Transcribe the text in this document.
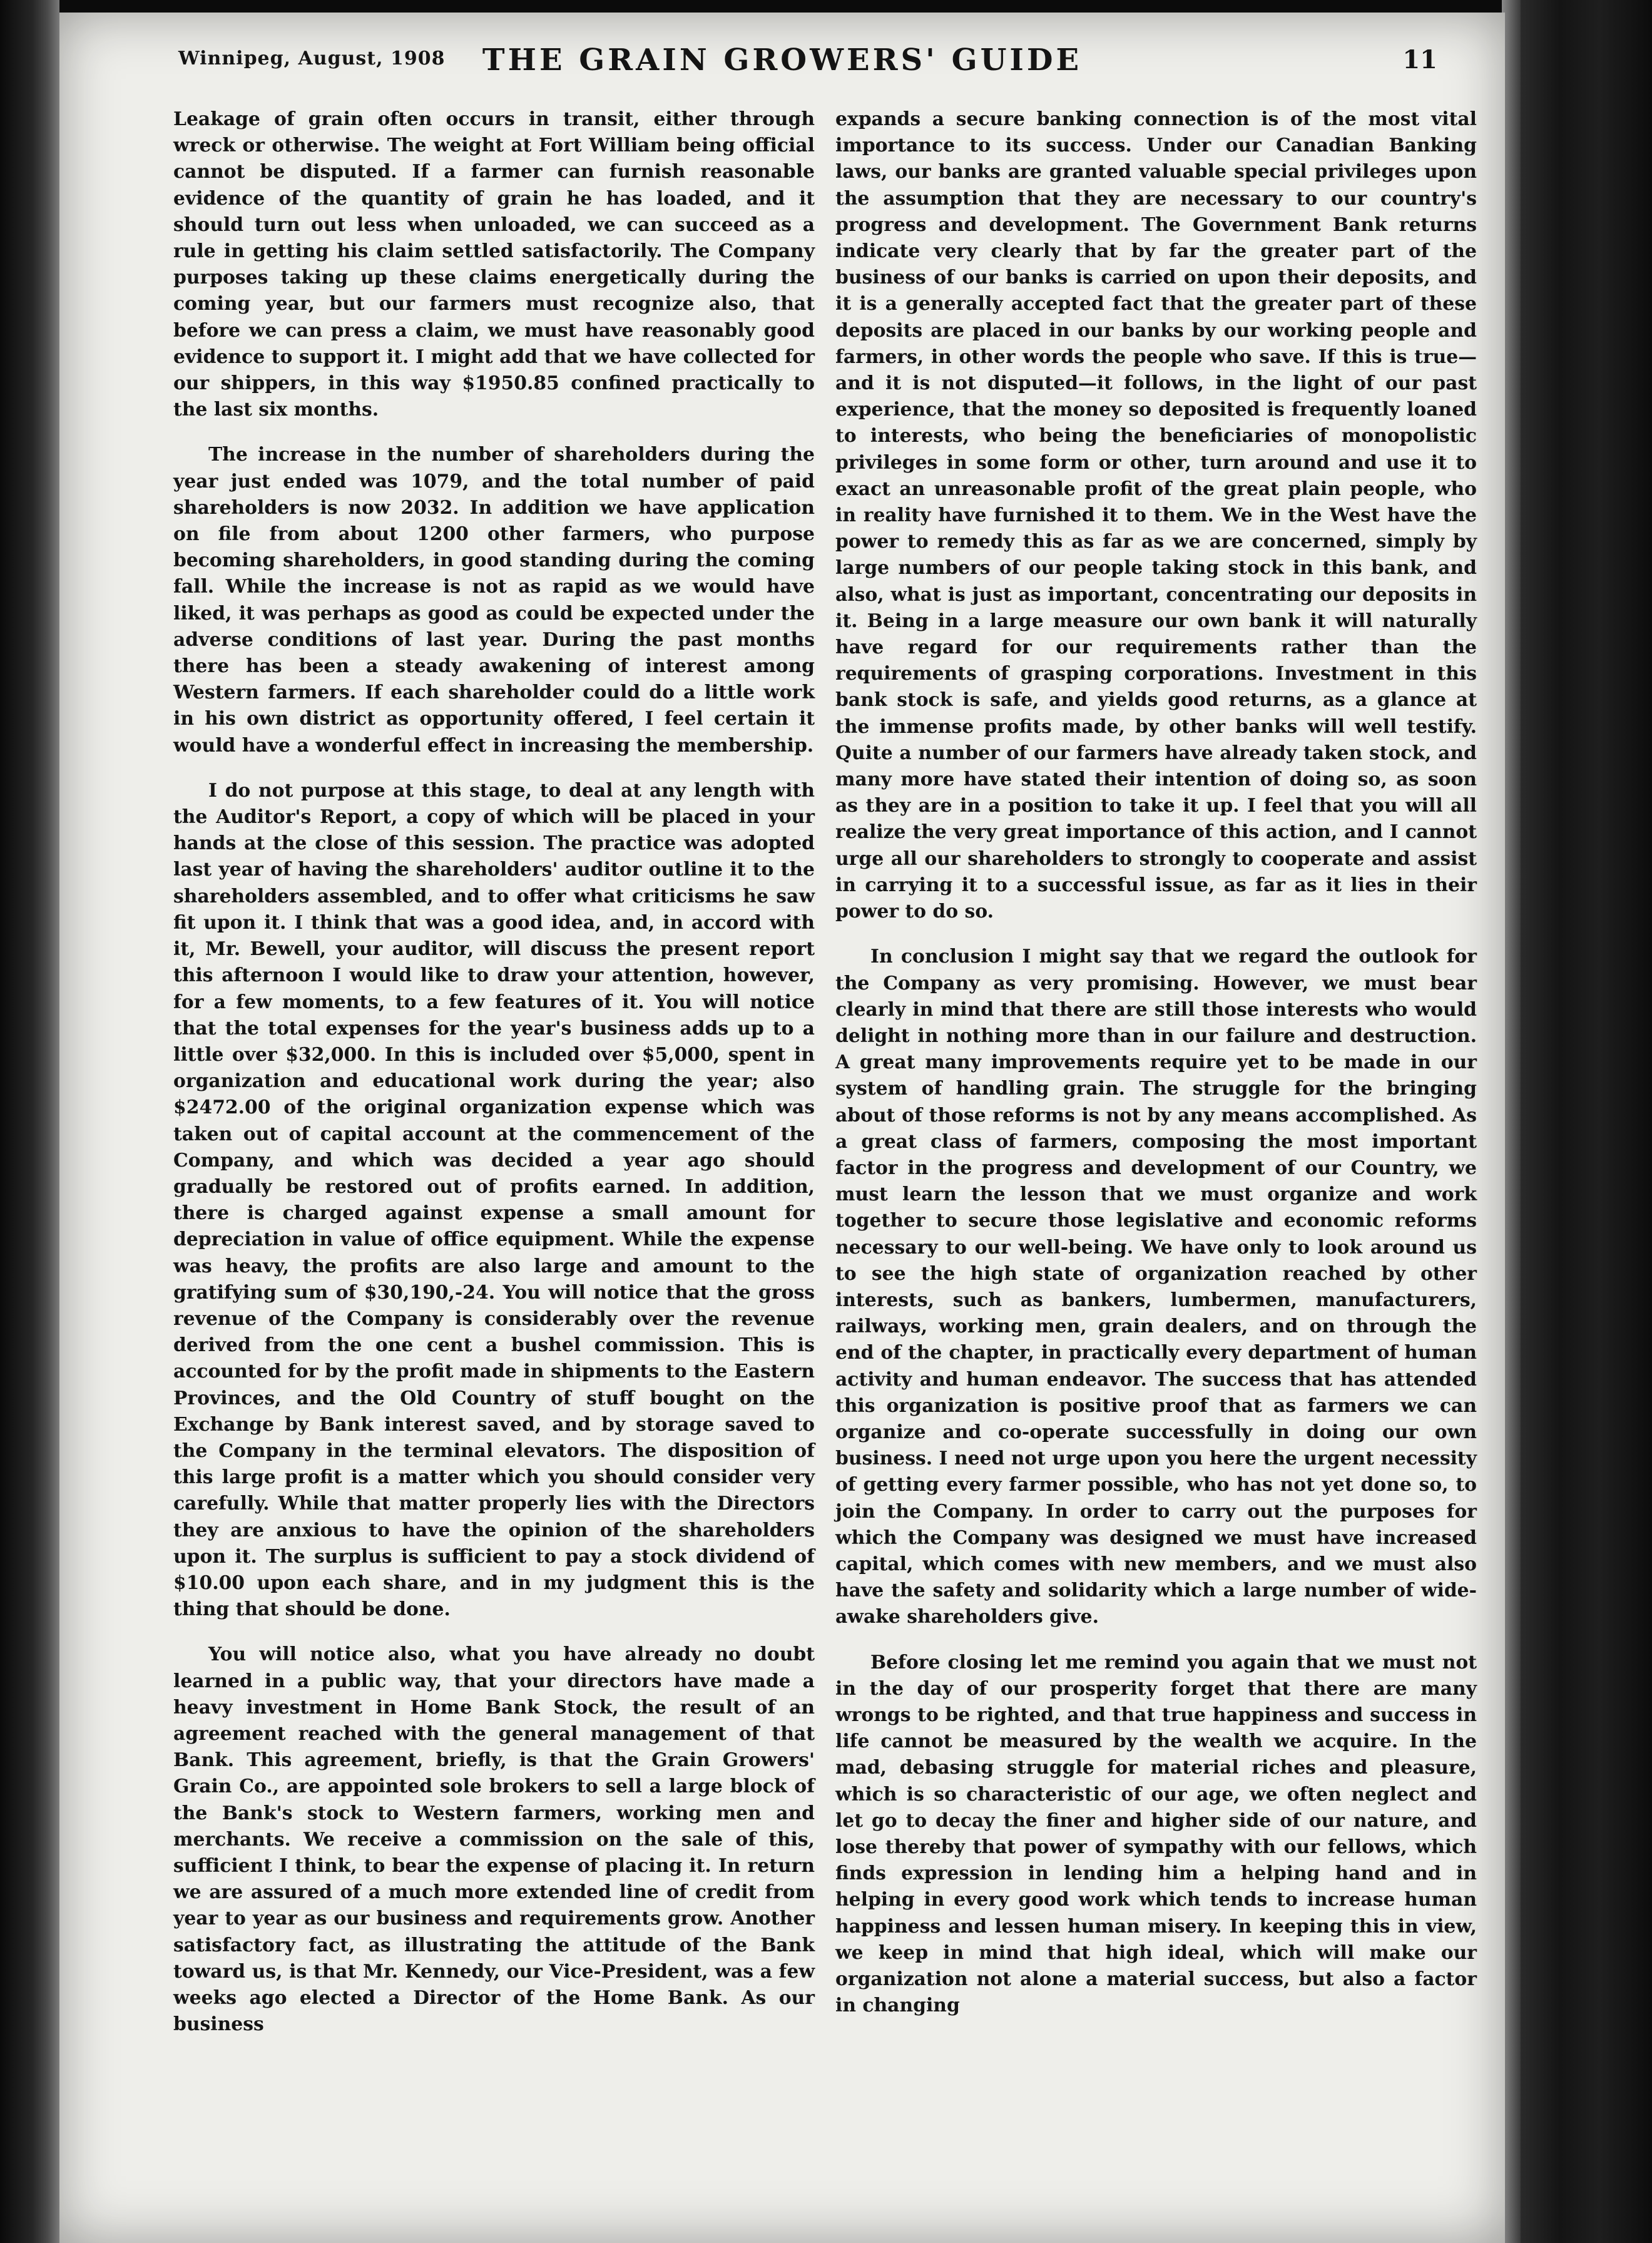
Winnipeg, August, 1908	THE GRAIN GROWERS' GUIDE	11

Leakage of grain often occurs in transit, either through wreck or otherwise. The weight at Fort William being official cannot be disputed. If a farmer can furnish reasonable evidence of the quantity of grain he has loaded, and it should turn out less when unloaded, we can succeed as a rule in getting his claim settled satisfactorily. The Company purposes taking up these claims energetically during the coming year, but our farmers must recognize also, that before we can press a claim, we must have reasonably good evidence to support it. I might add that we have collected for our shippers, in this way $1950.85 confined practically to the last six months.

The increase in the number of shareholders during the year just ended was 1079, and the total number of paid shareholders is now 2032. In addition we have application on file from about 1200 other farmers, who purpose becoming shareholders, in good standing during the coming fall. While the increase is not as rapid as we would have liked, it was perhaps as good as could be expected under the adverse conditions of last year. During the past months there has been a steady awakening of interest among Western farmers. If each shareholder could do a little work in his own district as opportunity offered, I feel certain it would have a wonderful effect in increasing the membership.

I do not purpose at this stage, to deal at any length with the Auditor's Report, a copy of which will be placed in your hands at the close of this session. The practice was adopted last year of having the shareholders' auditor outline it to the shareholders assembled, and to offer what criticisms he saw fit upon it. I think that was a good idea, and, in accord with it, Mr. Bewell, your auditor, will discuss the present report this afternoon I would like to draw your attention, however, for a few moments, to a few features of it. You will notice that the total expenses for the year's business adds up to a little over $32,000. In this is included over $5,000, spent in organization and educational work during the year; also $2472.00 of the original organization expense which was taken out of capital account at the commencement of the Company, and which was decided a year ago should gradually be restored out of profits earned. In addition, there is charged against expense a small amount for depreciation in value of office equipment. While the expense was heavy, the profits are also large and amount to the gratifying sum of $30,190,-24. You will notice that the gross revenue of the Company is considerably over the revenue derived from the one cent a bushel commission. This is accounted for by the profit made in shipments to the Eastern Provinces, and the Old Country of stuff bought on the Exchange by Bank interest saved, and by storage saved to the Company in the terminal elevators. The disposition of this large profit is a matter which you should consider very carefully. While that matter properly lies with the Directors they are anxious to have the opinion of the shareholders upon it. The surplus is sufficient to pay a stock dividend of $10.00 upon each share, and in my judgment this is the thing that should be done.

You will notice also, what you have already no doubt learned in a public way, that your directors have made a heavy investment in Home Bank Stock, the result of an agreement reached with the general management of that Bank. This agreement, briefly, is that the Grain Growers' Grain Co., are appointed sole brokers to sell a large block of the Bank's stock to Western farmers, working men and merchants. We receive a commission on the sale of this, sufficient I think, to bear the expense of placing it. In return we are assured of a much more extended line of credit from year to year as our business and requirements grow. Another satisfactory fact, as illustrating the attitude of the Bank toward us, is that Mr. Kennedy, our Vice-President, was a few weeks ago elected a Director of the Home Bank. As our business

expands a secure banking connection is of the most vital importance to its success. Under our Canadian Banking laws, our banks are granted valuable special privileges upon the assumption that they are necessary to our country's progress and development. The Government Bank returns indicate very clearly that by far the greater part of the business of our banks is carried on upon their deposits, and it is a generally accepted fact that the greater part of these deposits are placed in our banks by our working people and farmers, in other words the people who save. If this is true—and it is not disputed—it follows, in the light of our past experience, that the money so deposited is frequently loaned to interests, who being the beneficiaries of monopolistic privileges in some form or other, turn around and use it to exact an unreasonable profit of the great plain people, who in reality have furnished it to them. We in the West have the power to remedy this as far as we are concerned, simply by large numbers of our people taking stock in this bank, and also, what is just as important, concentrating our deposits in it. Being in a large measure our own bank it will naturally have regard for our requirements rather than the requirements of grasping corporations. Investment in this bank stock is safe, and yields good returns, as a glance at the immense profits made, by other banks will well testify. Quite a number of our farmers have already taken stock, and many more have stated their intention of doing so, as soon as they are in a position to take it up. I feel that you will all realize the very great importance of this action, and I cannot urge all our shareholders to strongly to cooperate and assist in carrying it to a successful issue, as far as it lies in their power to do so.

In conclusion I might say that we regard the outlook for the Company as very promising. However, we must bear clearly in mind that there are still those interests who would delight in nothing more than in our failure and destruction. A great many improvements require yet to be made in our system of handling grain. The struggle for the bringing about of those reforms is not by any means accomplished. As a great class of farmers, composing the most important factor in the progress and development of our Country, we must learn the lesson that we must organize and work together to secure those legislative and economic reforms necessary to our well-being. We have only to look around us to see the high state of organization reached by other interests, such as bankers, lumbermen, manufacturers, railways, working men, grain dealers, and on through the end of the chapter, in practically every department of human activity and human endeavor. The success that has attended this organization is positive proof that as farmers we can organize and co-operate successfully in doing our own business. I need not urge upon you here the urgent necessity of getting every farmer possible, who has not yet done so, to join the Company. In order to carry out the purposes for which the Company was designed we must have increased capital, which comes with new members, and we must also have the safety and solidarity which a large number of wide-awake shareholders give.

Before closing let me remind you again that we must not in the day of our prosperity forget that there are many wrongs to be righted, and that true happiness and success in life cannot be measured by the wealth we acquire. In the mad, debasing struggle for material riches and pleasure, which is so characteristic of our age, we often neglect and let go to decay the finer and higher side of our nature, and lose thereby that power of sympathy with our fellows, which finds expression in lending him a helping hand and in helping in every good work which tends to increase human happiness and lessen human misery. In keeping this in view, we keep in mind that high ideal, which will make our organization not alone a material success, but also a factor in changing
